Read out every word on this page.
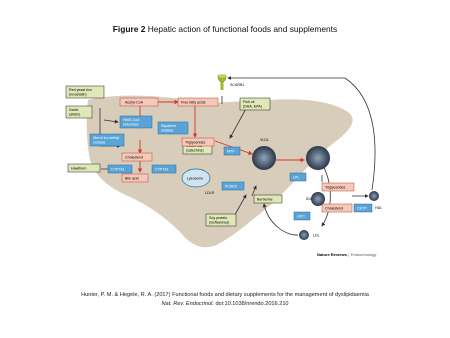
Figure 2 Hepatic action of functional foods and supplements
SCARB1
Red yeast rice
(lovastatin)
Garlic
(allicin)
Hawthorn
(catechins)
Fish oil
(DHA, EPA)
Berberine
Soy protein
(isoflavones)
Acetyl-CoA	Free fatty acids
Triglycerides
Cholesterol
Bile acid
Triglycerides
Cholesterol
HMG-CoA
reductase
Sterol 4α-methyl
oxidase
Squalene
oxidase
MTP
CYP7A1	CYP7A1
PCSK9
LPL
LIPC
CETP
Lysosome
LDLR
VLDL
IDL
HDL
LDL
Nature Reviews | Endocrinology
Hunter, P. M. & Hegele, R. A. (2017) Functional foods and dietary supplements for the management of dyslipidaemia
Nat. Rev. Endocrinol. doi:10.1038/nrendo.2016.210
